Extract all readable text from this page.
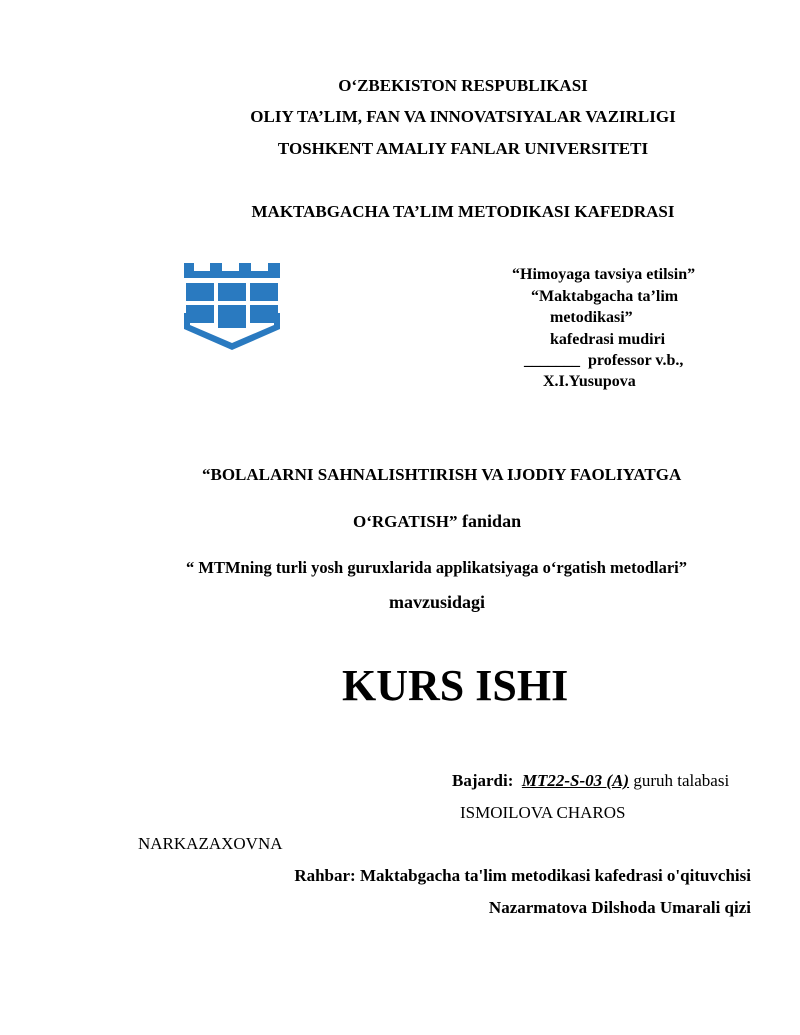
O‘ZBEKISTON RESPUBLIKASI
OLIY TA’LIM, FAN VA INNOVATSIYALAR VAZIRLIGI
TOSHKENT AMALIY FANLAR UNIVERSITETI
MAKTABGACHA TA’LIM METODIKASI KAFEDRASI
“Himoyaga tavsiya etilsin”
“Maktabgacha ta’lim
metodikasi”
kafedrasi mudiri
_______ professor v.b.,
X.I.Yusupova
“BOLALARNI SAHNALISHTIRISH VA IJODIY FAOLIYATGA
O‘RGATISH” fanidan
“ MTMning turli yosh guruxlarida applikatsiyaga o‘rgatish metodlari”
mavzusidagi
KURS ISHI
Bajardi: MT22-S-03 (A) guruh talabasi
ISMOILOVA CHAROS
NARKAZAXOVNA
Rahbar: Maktabgacha ta'lim metodikasi kafedrasi o'qituvchisi
Nazarmatova Dilshoda Umarali qizi
